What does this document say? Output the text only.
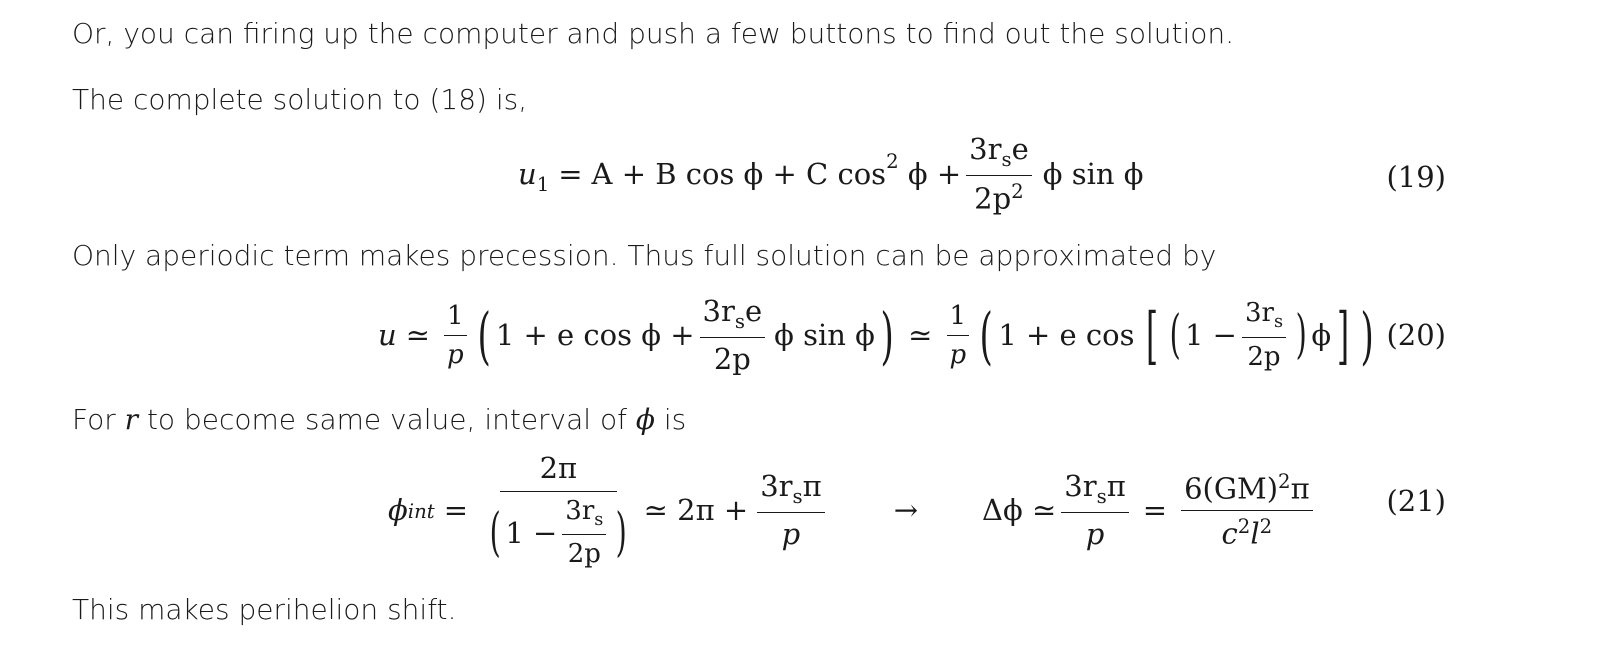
Or, you can firing up the computer and push a few buttons to find out the solution.
The complete solution to (18) is,
$u_1 = A + B$ cos ϕ + C $\cos^2 \phi + \frac{3r_se}{2p^2}$ ϕ sin ϕ	(19)
Only aperiodic term makes precession. Thus full solution can be approximated by
u ≃ $\frac{1}{p}$ ( 1 + e $\cos \phi + \frac{3r_se}{2p}$ ϕ sin ϕ ) ≃ $\frac{1}{p}$ ( 1 + e cos [ ( $1 - \frac{3r_s}{2p}$ ) ϕ ] ) (20)
For r to become same value, interval of ϕ is
ϕ int = $\frac{2\pi}{( 1 - \frac{3r_s}{2p} )}$ ≃ $2\pi + \frac{3r_s\pi}{p} \to \Delta\phi$ ≃ $\frac{3r_s\pi}{p} = \frac{6(GM)^2\pi}{c^2l^2}$	(21)
This makes perihelion shift.
